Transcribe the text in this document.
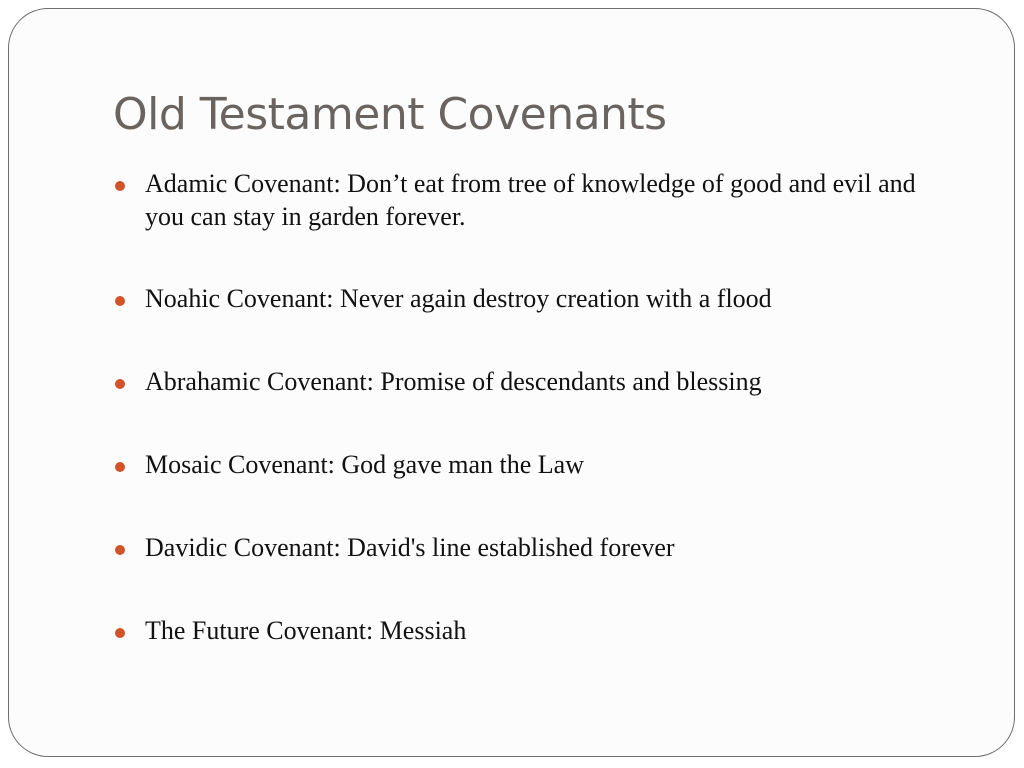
Old Testament Covenants
Adamic Covenant: Don’t eat from tree of knowledge of good and evil and you can stay in garden forever.
Noahic Covenant: Never again destroy creation with a flood
Abrahamic Covenant: Promise of descendants and blessing
Mosaic Covenant: God gave man the Law
Davidic Covenant: David's line established forever
The Future Covenant: Messiah
